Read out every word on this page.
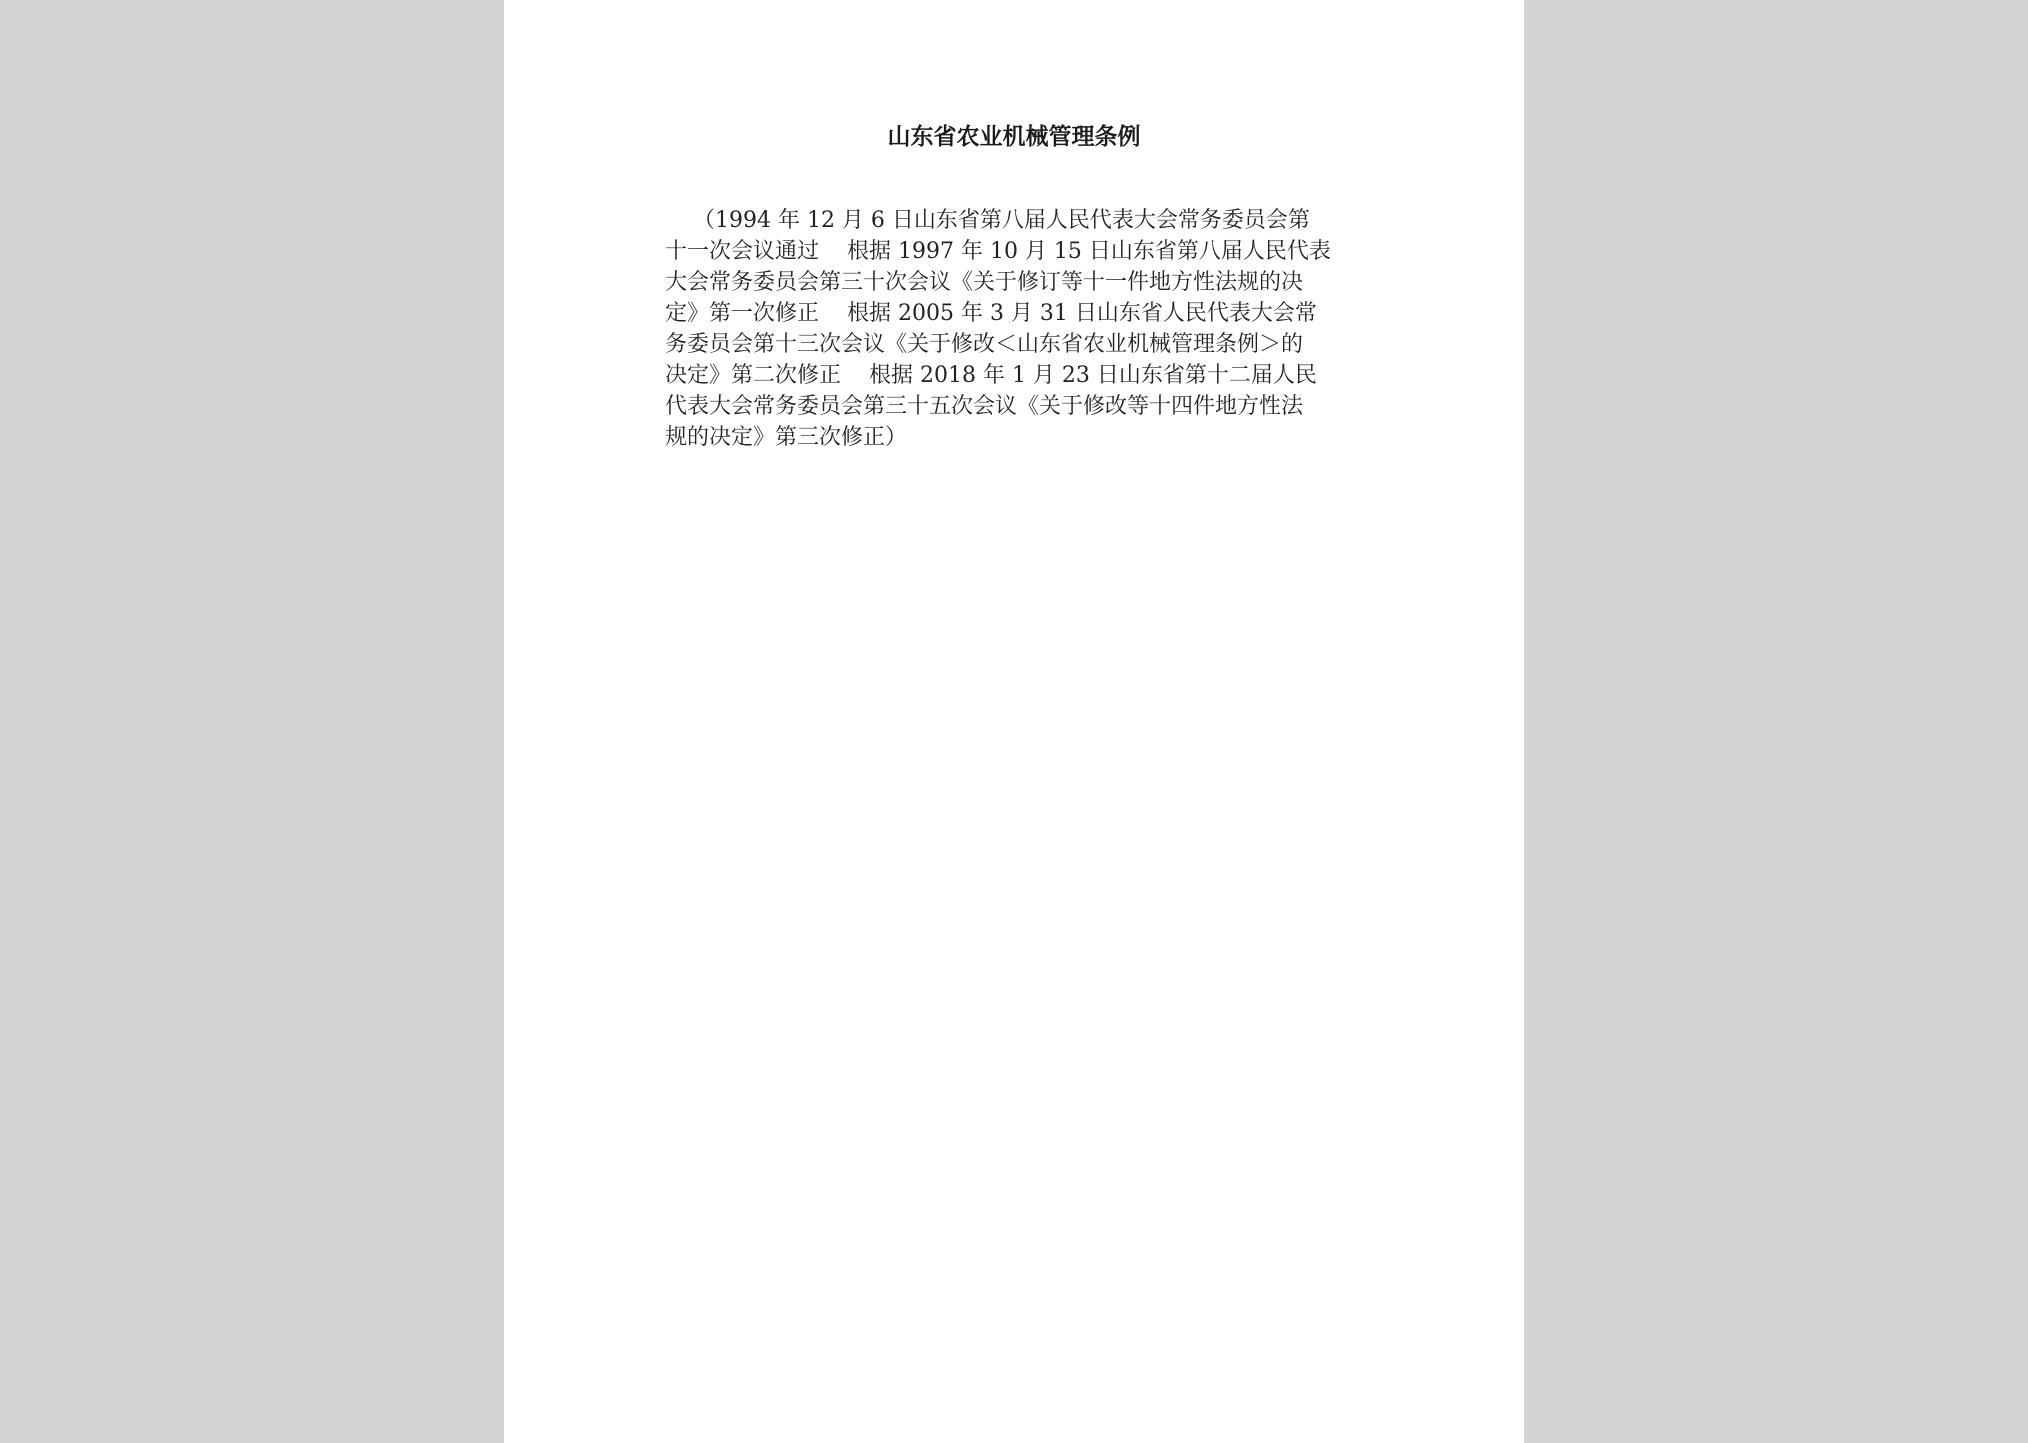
山东省农业机械管理条例
（1994 年 12 月 6 日山东省第八届人民代表大会常务委员会第
十一次会议通过    根据 1997 年 10 月 15 日山东省第八届人民代表
大会常务委员会第三十次会议《关于修订等十一件地方性法规的决
定》第一次修正    根据 2005 年 3 月 31 日山东省人民代表大会常
务委员会第十三次会议《关于修改＜山东省农业机械管理条例＞的
决定》第二次修正    根据 2018 年 1 月 23 日山东省第十二届人民
代表大会常务委员会第三十五次会议《关于修改等十四件地方性法
规的决定》第三次修正）
